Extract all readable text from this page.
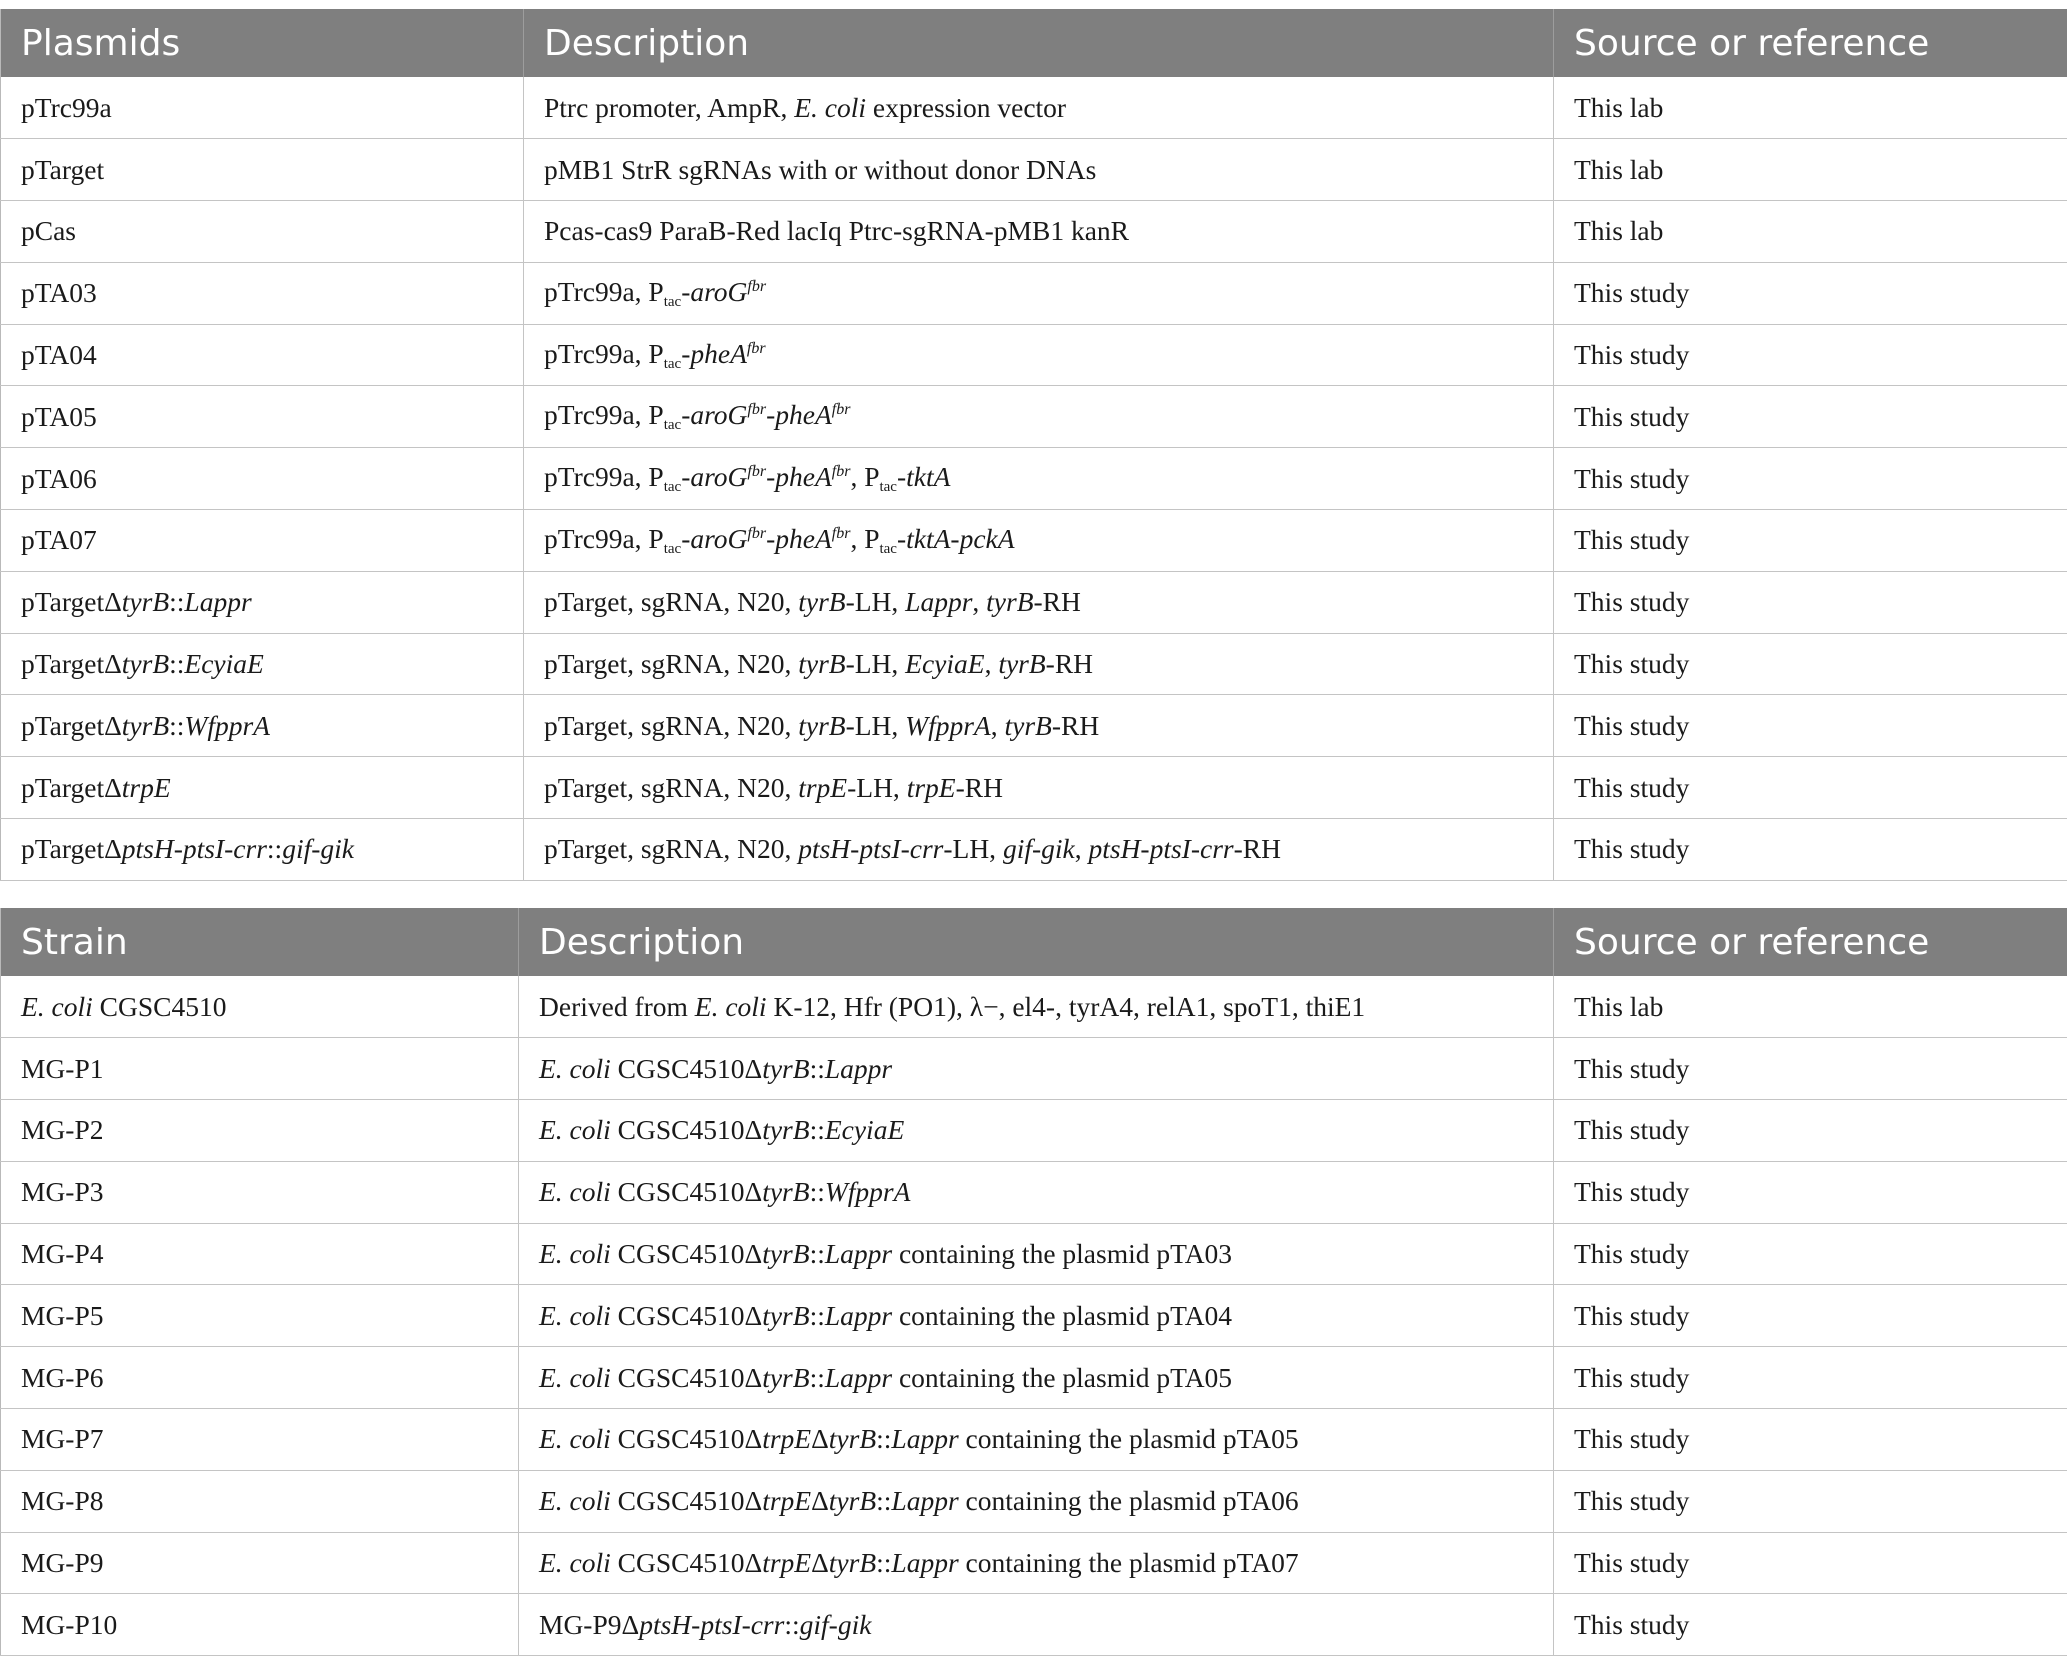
Plasmids	Description	Source or reference
pTrc99a	Ptrc promoter, AmpR, E. coli expression vector	This lab
pTarget	pMB1 StrR sgRNAs with or without donor DNAs	This lab
pCas	Pcas-cas9 ParaB-Red lacIq Ptrc-sgRNA-pMB1 kanR	This lab
pTA03	pTrc99a, $P_{tac}-aroG^{fbr}$	This study
pTA04	pTrc99a, $P_{tac}-pheA^{fbr}$	This study
pTA05	pTrc99a, $P_{tac}-aroG^{fbr}-pheA^{fbr}$	This study
pTA06	pTrc99a, $P_{tac}-aroG^{fbr}-pheA^{fbr}$, $P_{tac}$-tktA	This study
pTA07	pTrc99a, $P_{tac}-aroG^{fbr}-pheA^{fbr}$, $P_{tac}-tktA$-pckA	This study
pTargetΔtyrB::Lappr	pTarget, sgRNA, N20, tyrB-LH, Lappr, tyrB-RH	This study
pTargetΔtyrB::EcyiaE	pTarget, sgRNA, N20, tyrB-LH, EcyiaE, tyrB-RH	This study
pTargetΔtyrB::WfpprA	pTarget, sgRNA, N20, tyrB-LH, WfpprA, tyrB-RH	This study
pTargetΔtrpE	pTarget, sgRNA, N20, trpE-LH, trpE-RH	This study
pTargetΔptsH-ptsI-crr::gif-gik	pTarget, sgRNA, N20, ptsH-ptsI-crr-LH, gif-gik, ptsH-ptsI-crr-RH	This study
Strain	Description	Source or reference
E. coli CGSC4510	Derived from E. coli K-12, Hfr (PO1), λ−, el4-, tyrA4, relA1, spoT1, thiE1	This lab
MG-P1	E. coli CGSC4510ΔtyrB::Lappr	This study
MG-P2	E. coli CGSC4510ΔtyrB::EcyiaE	This study
MG-P3	E. coli CGSC4510ΔtyrB::WfpprA	This study
MG-P4	E. coli CGSC4510ΔtyrB::Lappr containing the plasmid pTA03	This study
MG-P5	E. coli CGSC4510ΔtyrB::Lappr containing the plasmid pTA04	This study
MG-P6	E. coli CGSC4510ΔtyrB::Lappr containing the plasmid pTA05	This study
MG-P7	E. coli CGSC4510ΔtrpEΔtyrB::Lappr containing the plasmid pTA05	This study
MG-P8	E. coli CGSC4510ΔtrpEΔtyrB::Lappr containing the plasmid pTA06	This study
MG-P9	E. coli CGSC4510ΔtrpEΔtyrB::Lappr containing the plasmid pTA07	This study
MG-P10	MG-P9ΔptsH-ptsI-crr::gif-gik	This study
